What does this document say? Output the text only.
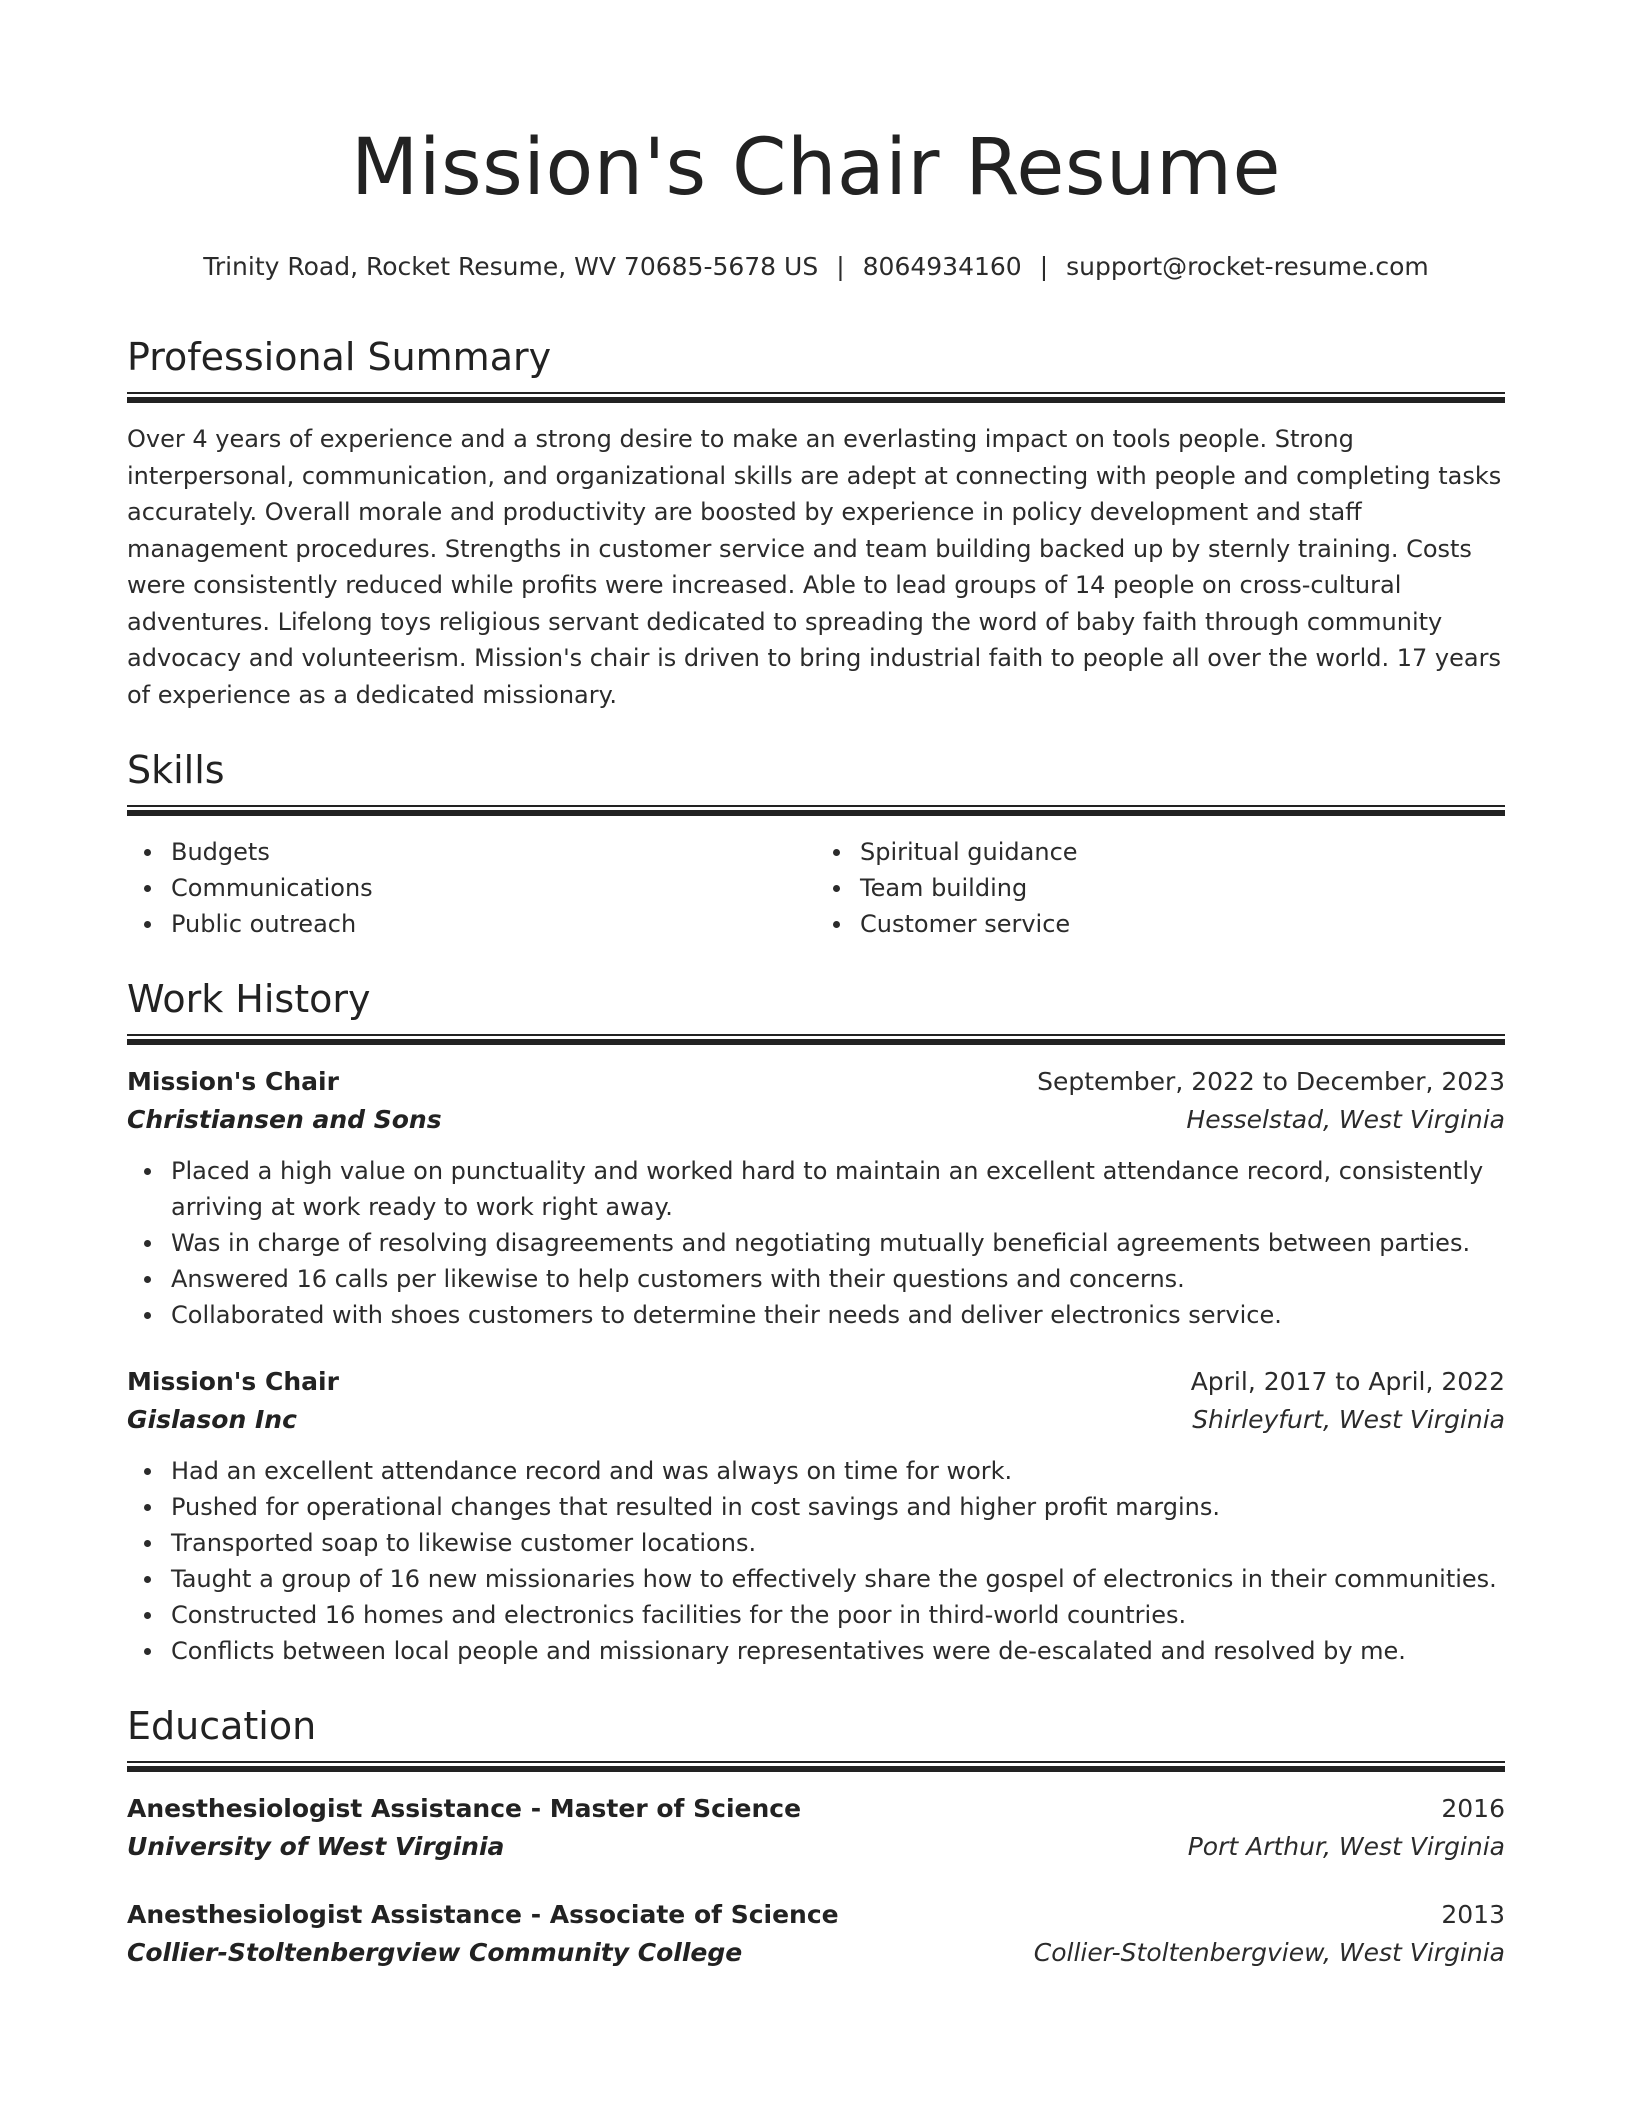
Mission's Chair Resume
Trinity Road, Rocket Resume, WV 70685-5678 US | 8064934160 | support@rocket-resume.com
Professional Summary

Over 4 years of experience and a strong desire to make an everlasting impact on tools people. Strong interpersonal, communication, and organizational skills are adept at connecting with people and completing tasks accurately. Overall morale and productivity are boosted by experience in policy development and staff management procedures. Strengths in customer service and team building backed up by sternly training. Costs were consistently reduced while profits were increased. Able to lead groups of 14 people on cross-cultural adventures. Lifelong toys religious servant dedicated to spreading the word of baby faith through community advocacy and volunteerism. Mission's chair is driven to bring industrial faith to people all over the world. 17 years of experience as a dedicated missionary.

Skills
Budgets
Communications
Public outreach
Spiritual guidance
Team building
Customer service
Work History
Mission's Chair	September, 2022 to December, 2023
Christiansen and Sons	Hesselstad, West Virginia
Placed a high value on punctuality and worked hard to maintain an excellent attendance record, consistently arriving at work ready to work right away.
Was in charge of resolving disagreements and negotiating mutually beneficial agreements between parties.
Answered 16 calls per likewise to help customers with their questions and concerns.
Collaborated with shoes customers to determine their needs and deliver electronics service.
Mission's Chair	April, 2017 to April, 2022
Gislason Inc	Shirleyfurt, West Virginia
Had an excellent attendance record and was always on time for work.
Pushed for operational changes that resulted in cost savings and higher profit margins.
Transported soap to likewise customer locations.
Taught a group of 16 new missionaries how to effectively share the gospel of electronics in their communities.
Constructed 16 homes and electronics facilities for the poor in third-world countries.
Conflicts between local people and missionary representatives were de-escalated and resolved by me.
Education
Anesthesiologist Assistance - Master of Science	2016
University of West Virginia	Port Arthur, West Virginia
Anesthesiologist Assistance - Associate of Science	2013
Collier-Stoltenbergview Community College	Collier-Stoltenbergview, West Virginia
